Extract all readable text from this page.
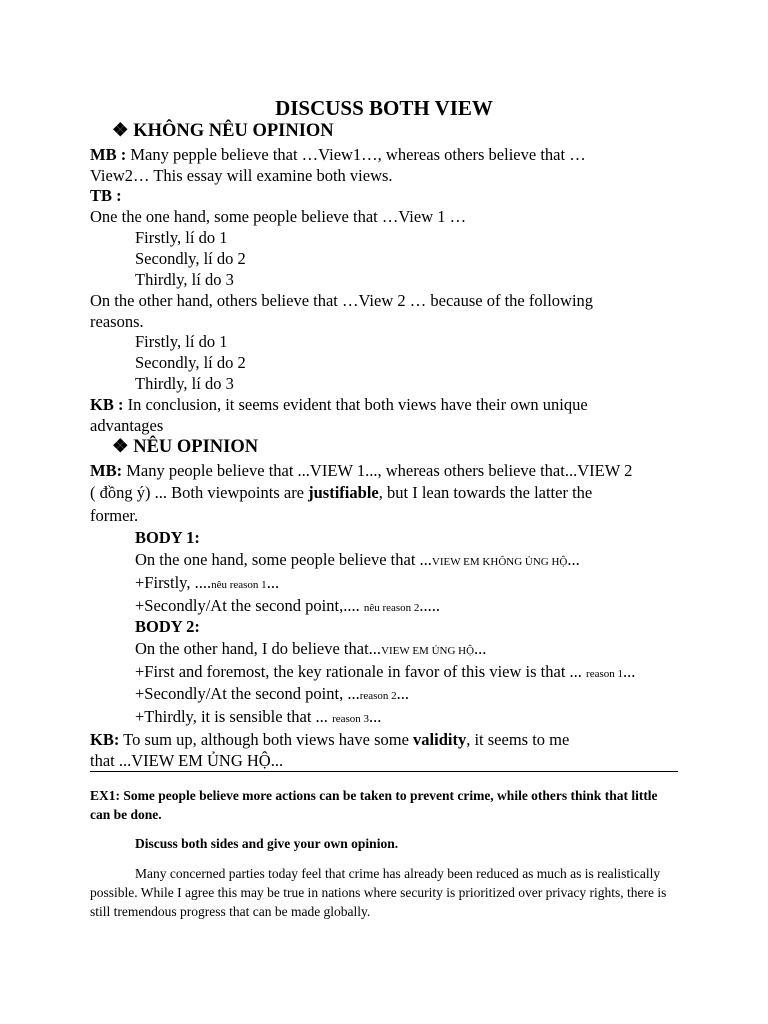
DISCUSS BOTH VIEW
❖ KHÔNG NÊU OPINION
MB : Many pepple believe that …View1…, whereas others believe that …
View2… This essay will examine both views.
TB :
One the one hand, some people believe that …View 1 …
Firstly, lí do 1
Secondly, lí do 2
Thirdly, lí do 3
On the other hand, others believe that …View 2 … because of the following
reasons.
Firstly, lí do 1
Secondly, lí do 2
Thirdly, lí do 3
KB : In conclusion, it seems evident that both views have their own unique
advantages
❖ NÊU OPINION
MB: Many people believe that ...VIEW 1..., whereas others believe that...VIEW 2
( đồng ý) ... Both viewpoints are justifiable, but I lean towards the latter the
former.
BODY 1:
On the one hand, some people believe that ...VIEW EM KHÔNG ỦNG HỘ...
+Firstly, ....nêu reason 1...
+Secondly/At the second point,.... nêu reason 2.....
BODY 2:
On the other hand, I do believe that...VIEW EM ỦNG HỘ...
+First and foremost, the key rationale in favor of this view is that ... reason 1...
+Secondly/At the second point, ...reason 2...
+Thirdly, it is sensible that ... reason 3...
KB: To sum up, although both views have some validity, it seems to me
that ...VIEW EM ỦNG HỘ...
EX1: Some people believe more actions can be taken to prevent crime, while others think that little can be done.
Discuss both sides and give your own opinion.
Many concerned parties today feel that crime has already been reduced as much as is realistically possible. While I agree this may be true in nations where security is prioritized over privacy rights, there is still tremendous progress that can be made globally.
